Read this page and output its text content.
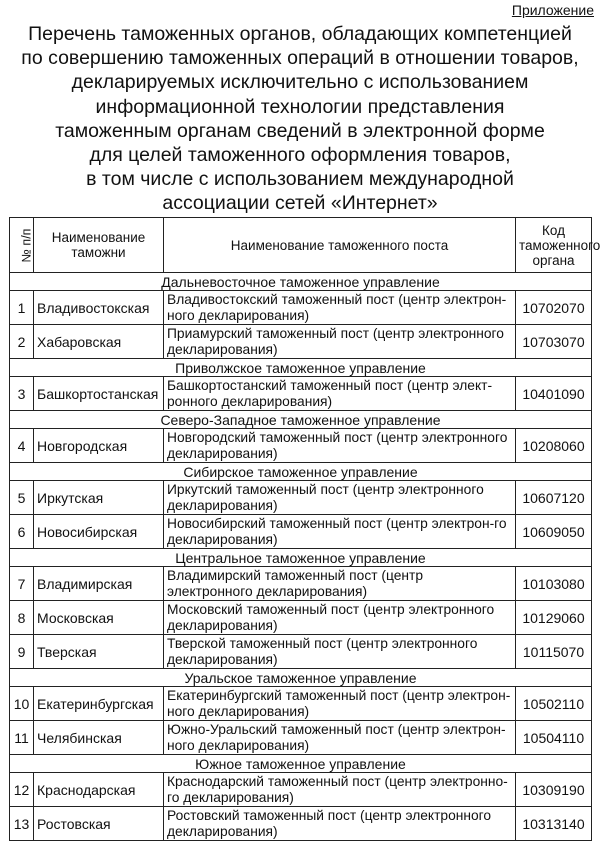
Приложение
Перечень таможенных органов, обладающих компетенцией
по совершению таможенных операций в отношении товаров,
декларируемых исключительно с использованием
информационной технологии представления
таможенным органам сведений в электронной форме
для целей таможенного оформления товаров,
в том числе с использованием международной
ассоциации сетей «Интернет»
№ п/п	Наименование таможни	Наименование таможенного поста	Код таможенного органа
Дальневосточное таможенное управление			
1	Владивостокская	Владивостокский таможенный пост (центр электрон-ного декларирования)	10702070
2	Хабаровская	Приамурский таможенный пост (центр электронного декларирования)	10703070
Приволжское таможенное управление			
3	Башкортостанская	Башкортостанский таможенный пост (центр элект-ронного декларирования)	10401090
Северо-Западное таможенное управление			
4	Новгородская	Новгородский таможенный пост (центр электронного декларирования)	10208060
Сибирское таможенное управление			
5	Иркутская	Иркутский таможенный пост (центр электронного декларирования)	10607120
6	Новосибирская	Новосибирский таможенный пост (центр электрон-го декларирования)	10609050
Центральное таможенное управление			
7	Владимирская	Владимирский таможенный пост (центр электронного декларирования)	10103080
8	Московская	Московский таможенный пост (центр электронного декларирования)	10129060
9	Тверская	Тверской таможенный пост (центр электронного декларирования)	10115070
Уральское таможенное управление			
10	Екатеринбургская	Екатеринбургский таможенный пост (центр электрон-ного декларирования)	10502110
11	Челябинская	Южно-Уральский таможенный пост (центр электрон-ного декларирования)	10504110
Южное таможенное управление			
12	Краснодарская	Краснодарский таможенный пост (центр электронно-го декларирования)	10309190
13	Ростовская	Ростовский таможенный пост (центр электронного декларирования)	10313140
